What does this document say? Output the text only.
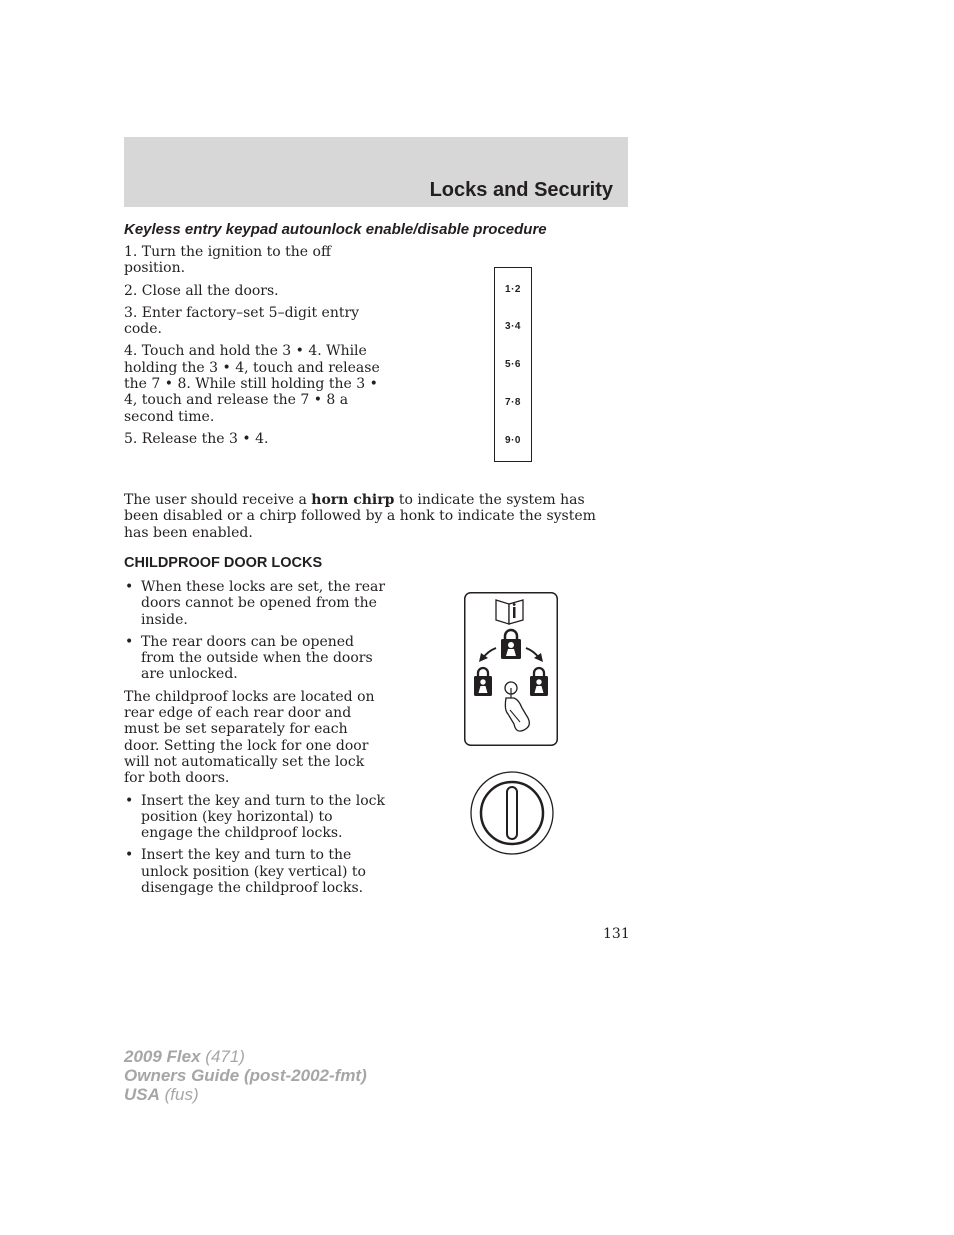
Locks and Security
Keyless entry keypad autounlock enable/disable procedure

1. Turn the ignition to the off position.

2. Close all the doors.

3. Enter factory–set 5–digit entry code.

4. Touch and hold the 3 • 4. While holding the 3 • 4, touch and release the 7 • 8. While still holding the 3 • 4, touch and release the 7 • 8 a second time.

5. Release the 3 • 4.

1·2
3·4
5·6
7·8
9·0

The user should receive a horn chirp to indicate the system has been disabled or a chirp followed by a honk to indicate the system has been enabled.

CHILDPROOF DOOR LOCKS
• When these locks are set, the rear doors cannot be opened from the inside.
• The rear doors can be opened from the outside when the doors are unlocked.

The childproof locks are located on rear edge of each rear door and must be set separately for each door. Setting the lock for one door will not automatically set the lock for both doors.

• Insert the key and turn to the lock position (key horizontal) to engage the childproof locks.
• Insert the key and turn to the unlock position (key vertical) to disengage the childproof locks.
131
2009 Flex (471)
Owners Guide (post-2002-fmt)
USA (fus)
